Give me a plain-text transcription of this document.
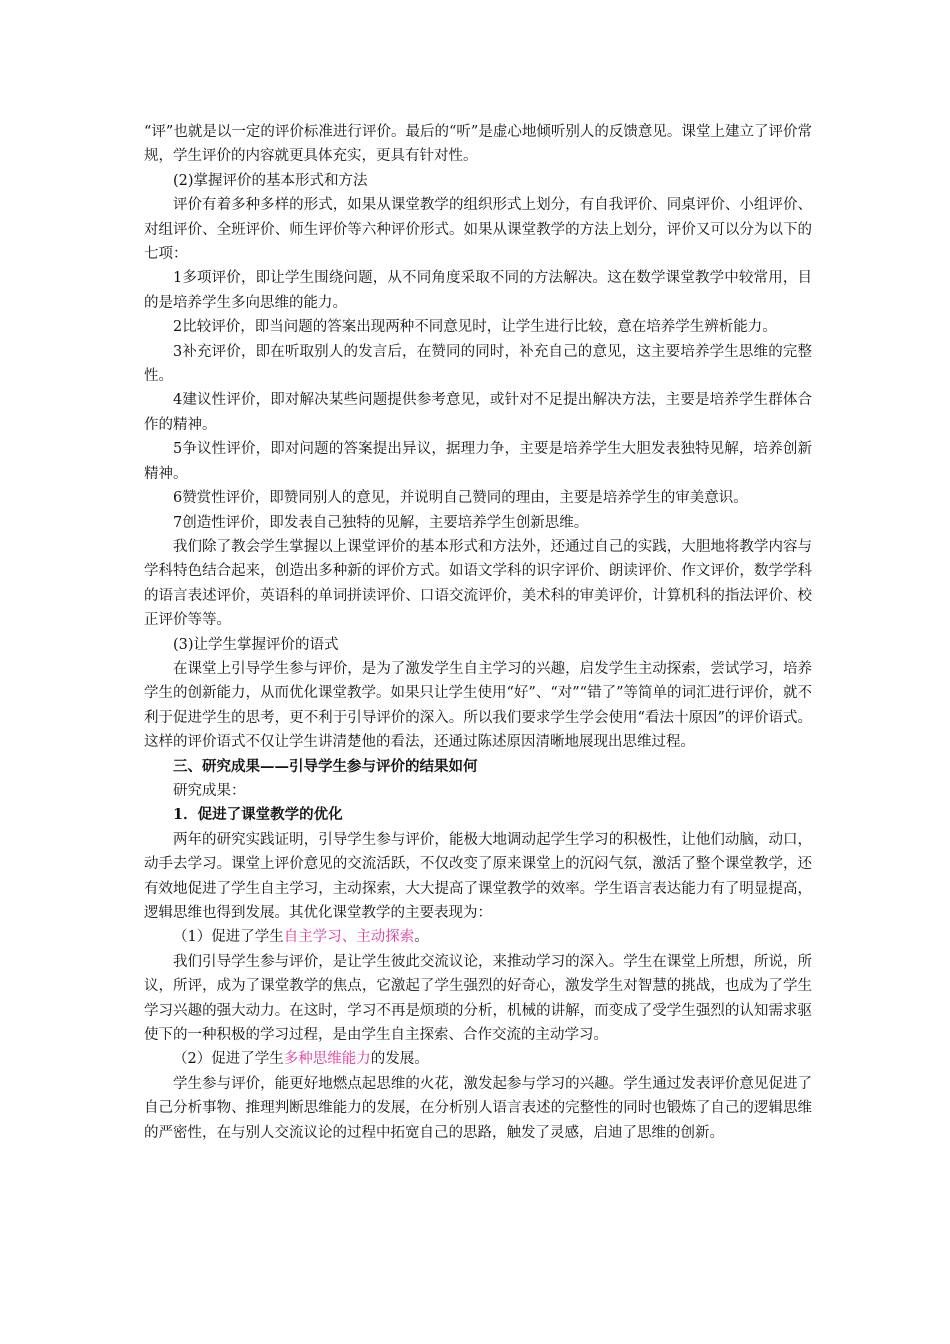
“评”也就是以一定的评价标准进行评价。最后的“听”是虚心地倾听别人的反馈意见。课堂上建立了评价常规，学生评价的内容就更具体充实，更具有针对性。

(2)掌握评价的基本形式和方法

评价有着多种多样的形式，如果从课堂教学的组织形式上划分，有自我评价、同桌评价、小组评价、对组评价、全班评价、师生评价等六种评价形式。如果从课堂教学的方法上划分，评价又可以分为以下的七项：

1多项评价，即让学生围绕问题，从不同角度采取不同的方法解决。这在数学课堂教学中较常用，目的是培养学生多向思维的能力。

2比较评价，即当问题的答案出现两种不同意见时，让学生进行比较，意在培养学生辨析能力。

3补充评价，即在听取别人的发言后，在赞同的同时，补充自己的意见，这主要培养学生思维的完整性。

4建议性评价，即对解决某些问题提供参考意见，或针对不足提出解决方法，主要是培养学生群体合作的精神。

5争议性评价，即对问题的答案提出异议，据理力争，主要是培养学生大胆发表独特见解，培养创新精神。

6赞赏性评价，即赞同别人的意见，并说明自己赞同的理由，主要是培养学生的审美意识。

7创造性评价，即发表自己独特的见解，主要培养学生创新思维。

我们除了教会学生掌握以上课堂评价的基本形式和方法外，还通过自己的实践，大胆地将教学内容与学科特色结合起来，创造出多种新的评价方式。如语文学科的识字评价、朗读评价、作文评价，数学学科的语言表述评价，英语科的单词拼读评价、口语交流评价，美术科的审美评价，计算机科的指法评价、校正评价等等。

(3)让学生掌握评价的语式

在课堂上引导学生参与评价，是为了激发学生自主学习的兴趣，启发学生主动探索，尝试学习，培养学生的创新能力，从而优化课堂教学。如果只让学生使用“好”、“对”“错了”等简单的词汇进行评价，就不利于促进学生的思考，更不利于引导评价的深入。所以我们要求学生学会使用“看法十原因”的评价语式。这样的评价语式不仅让学生讲清楚他的看法，还通过陈述原因清晰地展现出思维过程。

三、研究成果——引导学生参与评价的结果如何

研究成果：

1．促进了课堂教学的优化

两年的研究实践证明，引导学生参与评价，能极大地调动起学生学习的积极性，让他们动脑，动口，动手去学习。课堂上评价意见的交流活跃，不仅改变了原来课堂上的沉闷气氛，激活了整个课堂教学，还有效地促进了学生自主学习，主动探索，大大提高了课堂教学的效率。学生语言表达能力有了明显提高，逻辑思维也得到发展。其优化课堂教学的主要表现为：

（1）促进了学生自主学习、主动探索。

我们引导学生参与评价，是让学生彼此交流议论，来推动学习的深入。学生在课堂上所想，所说，所议，所评，成为了课堂教学的焦点，它激起了学生强烈的好奇心，激发学生对智慧的挑战，也成为了学生学习兴趣的强大动力。在这时，学习不再是烦琐的分析，机械的讲解，而变成了受学生强烈的认知需求驱使下的一种积极的学习过程，是由学生自主探索、合作交流的主动学习。

（2）促进了学生多种思维能力的发展。

学生参与评价，能更好地燃点起思维的火花，激发起参与学习的兴趣。学生通过发表评价意见促进了自己分析事物、推理判断思维能力的发展，在分析别人语言表述的完整性的同时也锻炼了自己的逻辑思维的严密性，在与别人交流议论的过程中拓宽自己的思路，触发了灵感，启迪了思维的创新。
